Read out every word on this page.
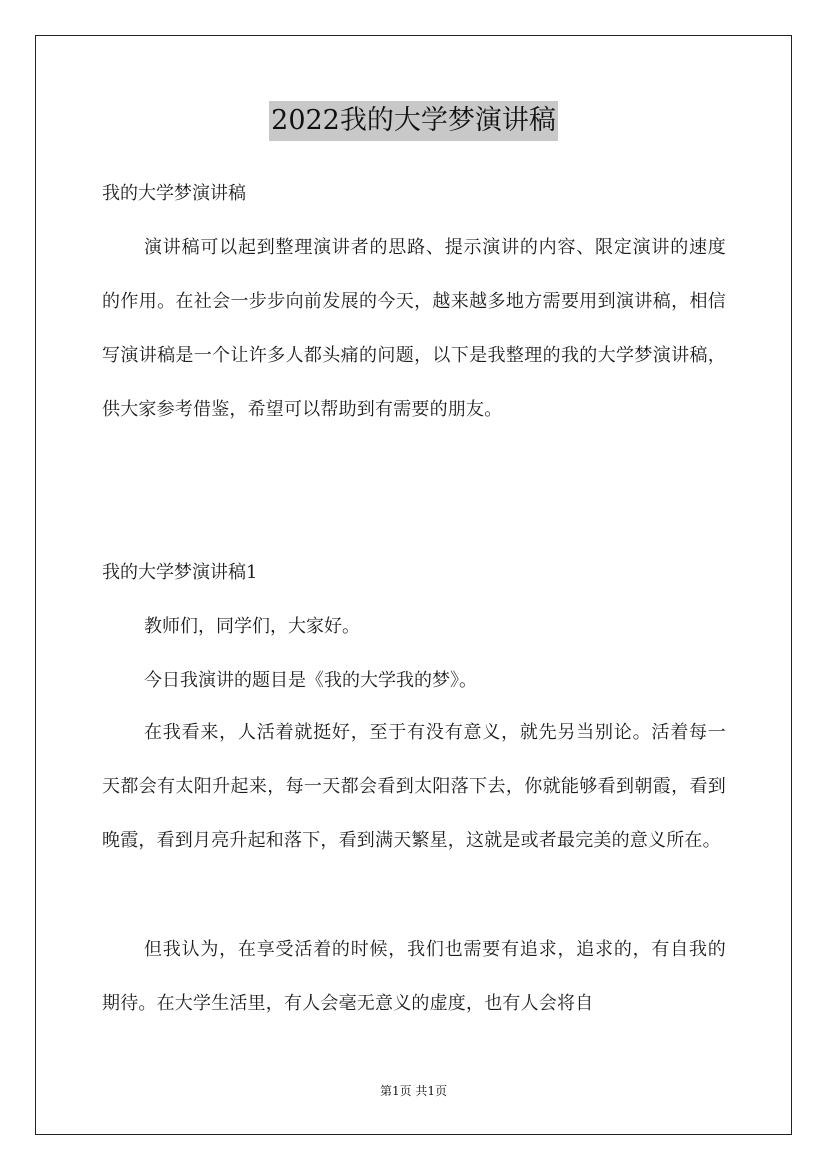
2022我的大学梦演讲稿
我的大学梦演讲稿

演讲稿可以起到整理演讲者的思路、提示演讲的内容、限定演讲的速度的作用。在社会一步步向前发展的今天，越来越多地方需要用到演讲稿，相信写演讲稿是一个让许多人都头痛的问题，以下是我整理的我的大学梦演讲稿，供大家参考借鉴，希望可以帮助到有需要的朋友。

我的大学梦演讲稿1
教师们，同学们，大家好。
今日我演讲的题目是《我的大学我的梦》。

在我看来，人活着就挺好，至于有没有意义，就先另当别论。活着每一天都会有太阳升起来，每一天都会看到太阳落下去，你就能够看到朝霞，看到晚霞，看到月亮升起和落下，看到满天繁星，这就是或者最完美的意义所在。

但我认为，在享受活着的时候，我们也需要有追求，追求的，有自我的期待。在大学生活里，有人会毫无意义的虚度，也有人会将自

第1页 共1页
